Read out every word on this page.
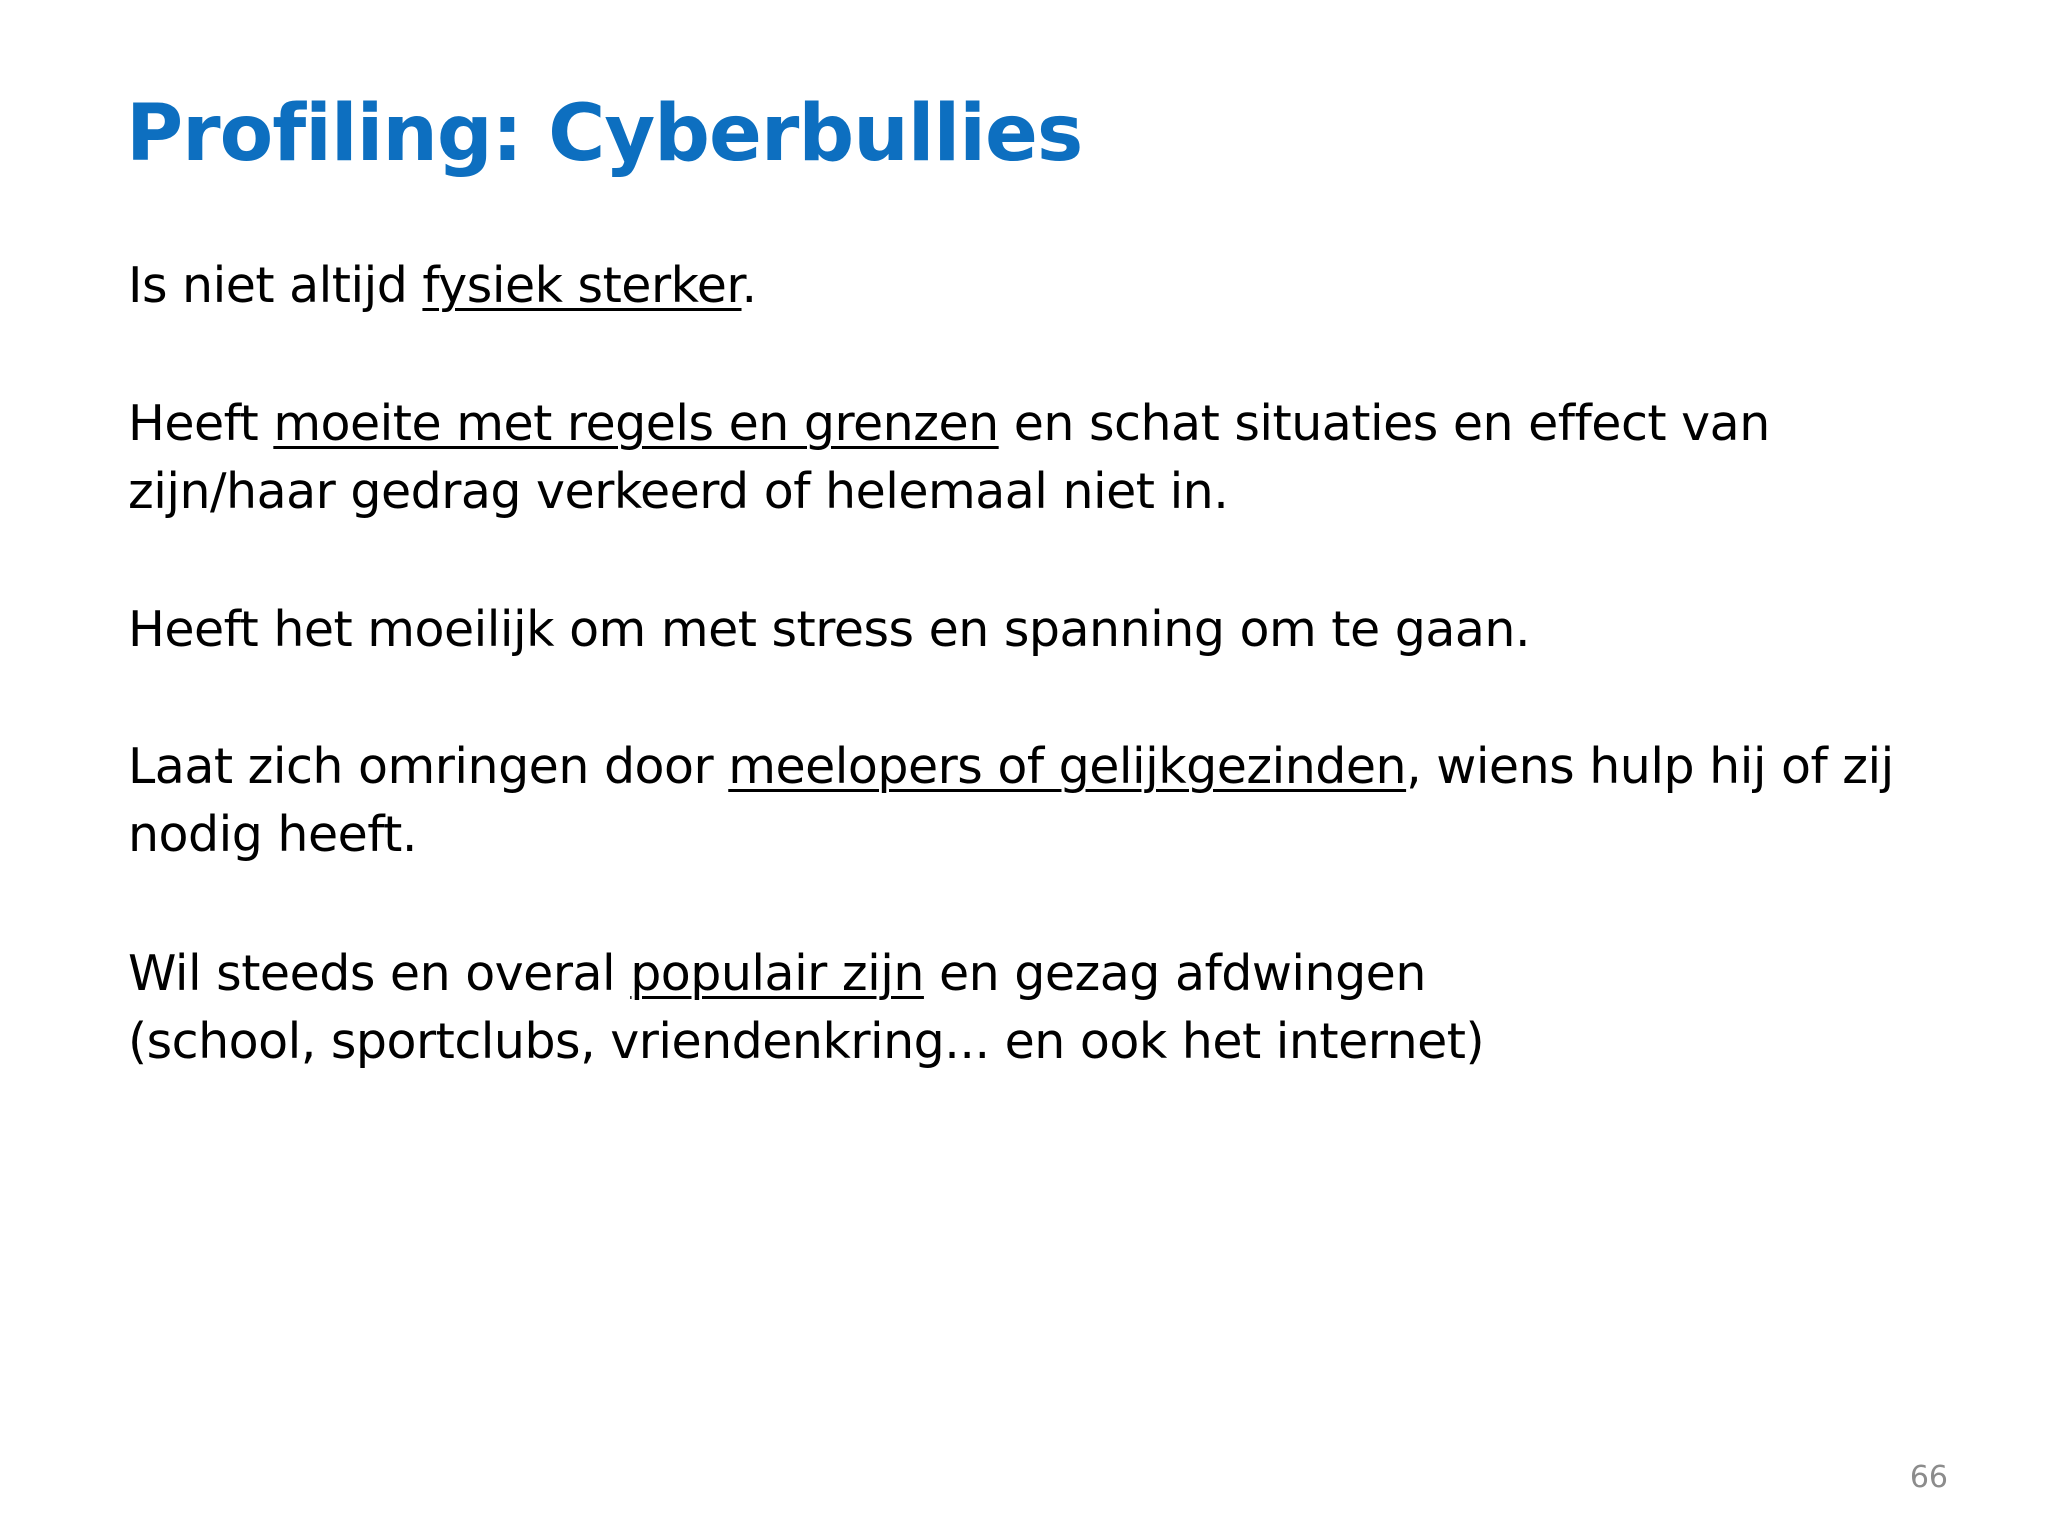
Profiling: Cyberbullies

Is niet altijd fysiek sterker.

Heeft moeite met regels en grenzen en schat situaties en effect van zijn/haar gedrag verkeerd of helemaal niet in.

Heeft het moeilijk om met stress en spanning om te gaan.

Laat zich omringen door meelopers of gelijkgezinden, wiens hulp hij of zij nodig heeft.

Wil steeds en overal populair zijn en gezag afdwingen
(school, sportclubs, vriendenkring... en ook het internet)

66
